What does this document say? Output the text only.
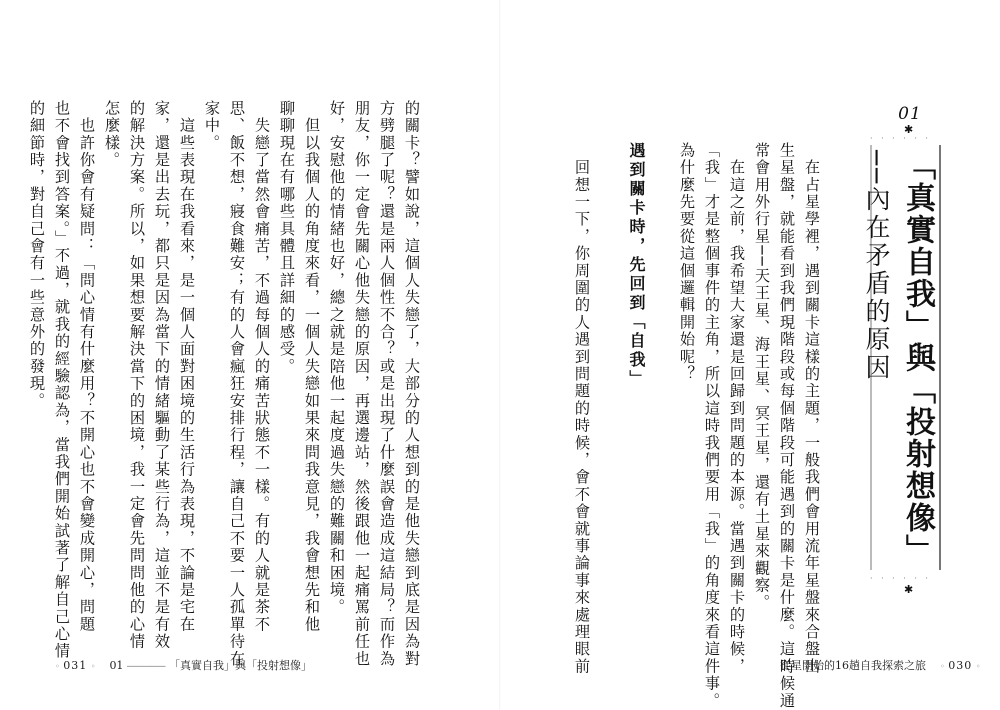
的關卡？譬如說，這個人失戀了，大部分的人想到的是他失戀到底是因為對
方劈腿了呢？還是兩人個性不合？或是出現了什麼誤會造成這結局？而作為
朋友，你一定會先關心他失戀的原因，再選邊站，然後跟他一起痛罵前任也
好，安慰他的情緒也好，總之就是陪他一起度過失戀的難關和困境。
　但以我個人的角度來看，一個人失戀如果來問我意見，我會想先和他
聊聊現在有哪些具體且詳細的感受。
　失戀了當然會痛苦，不過每個人的痛苦狀態不一樣。有的人就是茶不
思、飯不想，寢食難安；有的人會瘋狂安排行程，讓自己不要一人孤單待在
家中。
　這些表現在我看來，是一個人面對困境的生活行為表現，不論是宅在
家，還是出去玩，都只是因為當下的情緒驅動了某些行為，這並不是有效
的解決方案。所以，如果想要解決當下的困境，我一定會先問問他的心情
怎麼樣。
　也許你會有疑問：「問心情有什麼用？不開心也不會變成開心，問題
也不會找到答案。」不過，就我的經驗認為，當我們開始試著了解自己心情
的細節時，對自己會有一些意外的發現。
◦ 031 ◦ 01 ──────── 「真實自我」與「投射想像」
01
✱
· · · · · ·
「真實自我」與「投射想像」
──內在矛盾的原因
· · · · · ·
✱
　在占星學裡，遇到關卡這樣的主題，一般我們會用流年星盤來合盤出
生星盤，就能看到我們現階段或每個階段可能遇到的關卡是什麼。這時候通
常會用外行星──天王星、海王星、冥王星，還有土星來觀察。
　在這之前，我希望大家還是回歸到問題的本源。當遇到關卡的時候，
「我」才是整個事件的主角，所以這時我們要用「我」的角度來看這件事。
為什麼先要從這個邏輯開始呢？
遇到關卡時，先回到「自我」
　回想一下，你周圍的人遇到問題的時候，會不會就事論事來處理眼前	從星開始的16趟自我探索之旅 ◦ 030 ◦
